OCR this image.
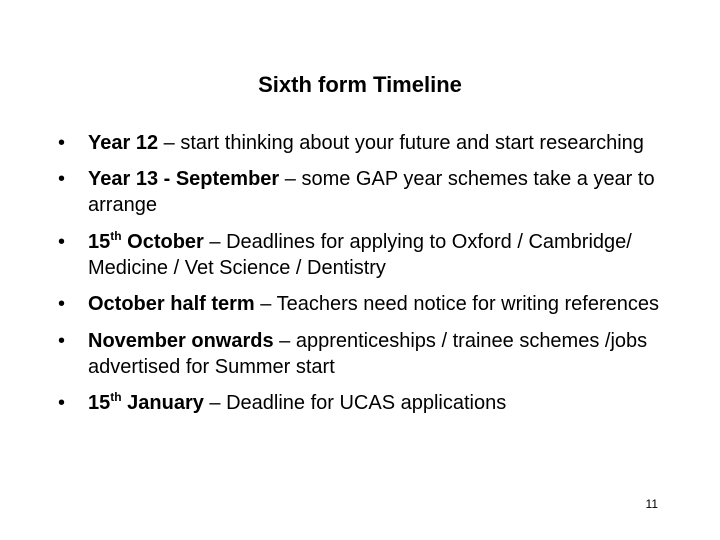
Sixth form Timeline
•	Year 12 – start thinking about your future and start researching
•	Year 13 - September – some GAP year schemes take a year to arrange
•	15th October – Deadlines for applying to Oxford / Cambridge/ Medicine / Vet Science / Dentistry
•	October half term – Teachers need notice for writing references
•	November onwards – apprenticeships / trainee schemes /jobs advertised for Summer start
•	15th January – Deadline for UCAS applications
11
